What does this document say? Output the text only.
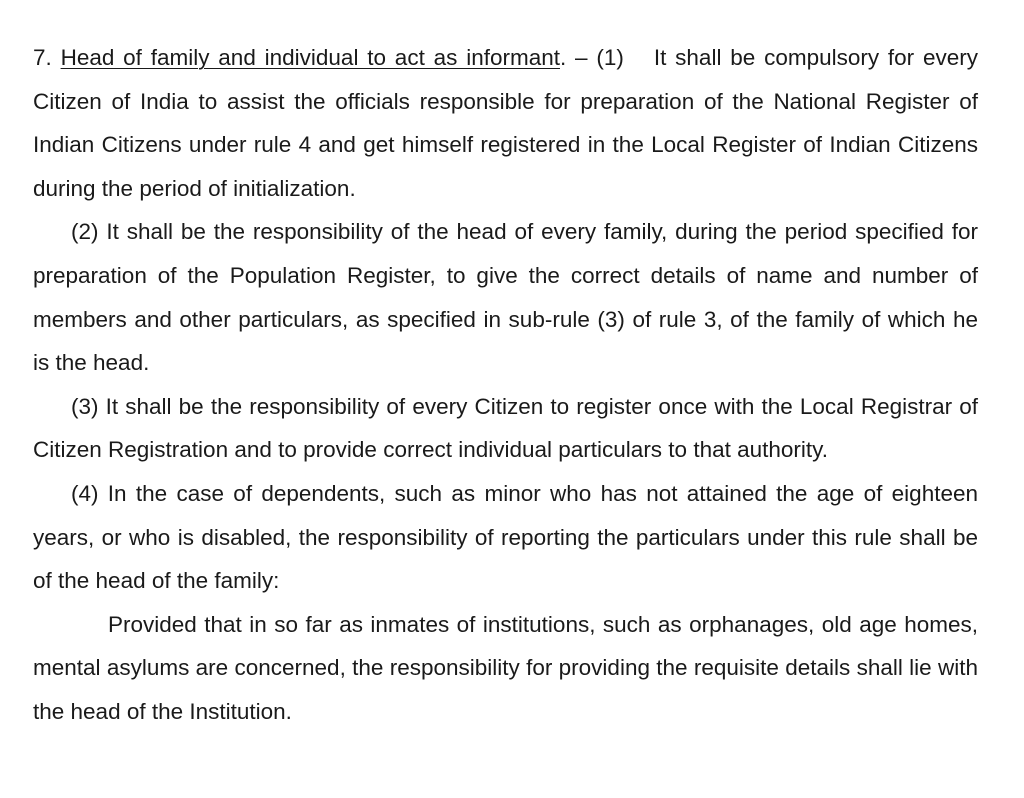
7. Head of family and individual to act as informant. – (1) It shall be compulsory for every Citizen of India to assist the officials responsible for preparation of the National Register of Indian Citizens under rule 4 and get himself registered in the Local Register of Indian Citizens during the period of initialization.

(2) It shall be the responsibility of the head of every family, during the period specified for preparation of the Population Register, to give the correct details of name and number of members and other particulars, as specified in sub-rule (3) of rule 3, of the family of which he is the head.

(3) It shall be the responsibility of every Citizen to register once with the Local Registrar of Citizen Registration and to provide correct individual particulars to that authority.

(4) In the case of dependents, such as minor who has not attained the age of eighteen years, or who is disabled, the responsibility of reporting the particulars under this rule shall be of the head of the family:

Provided that in so far as inmates of institutions, such as orphanages, old age homes, mental asylums are concerned, the responsibility for providing the requisite details shall lie with the head of the Institution.
